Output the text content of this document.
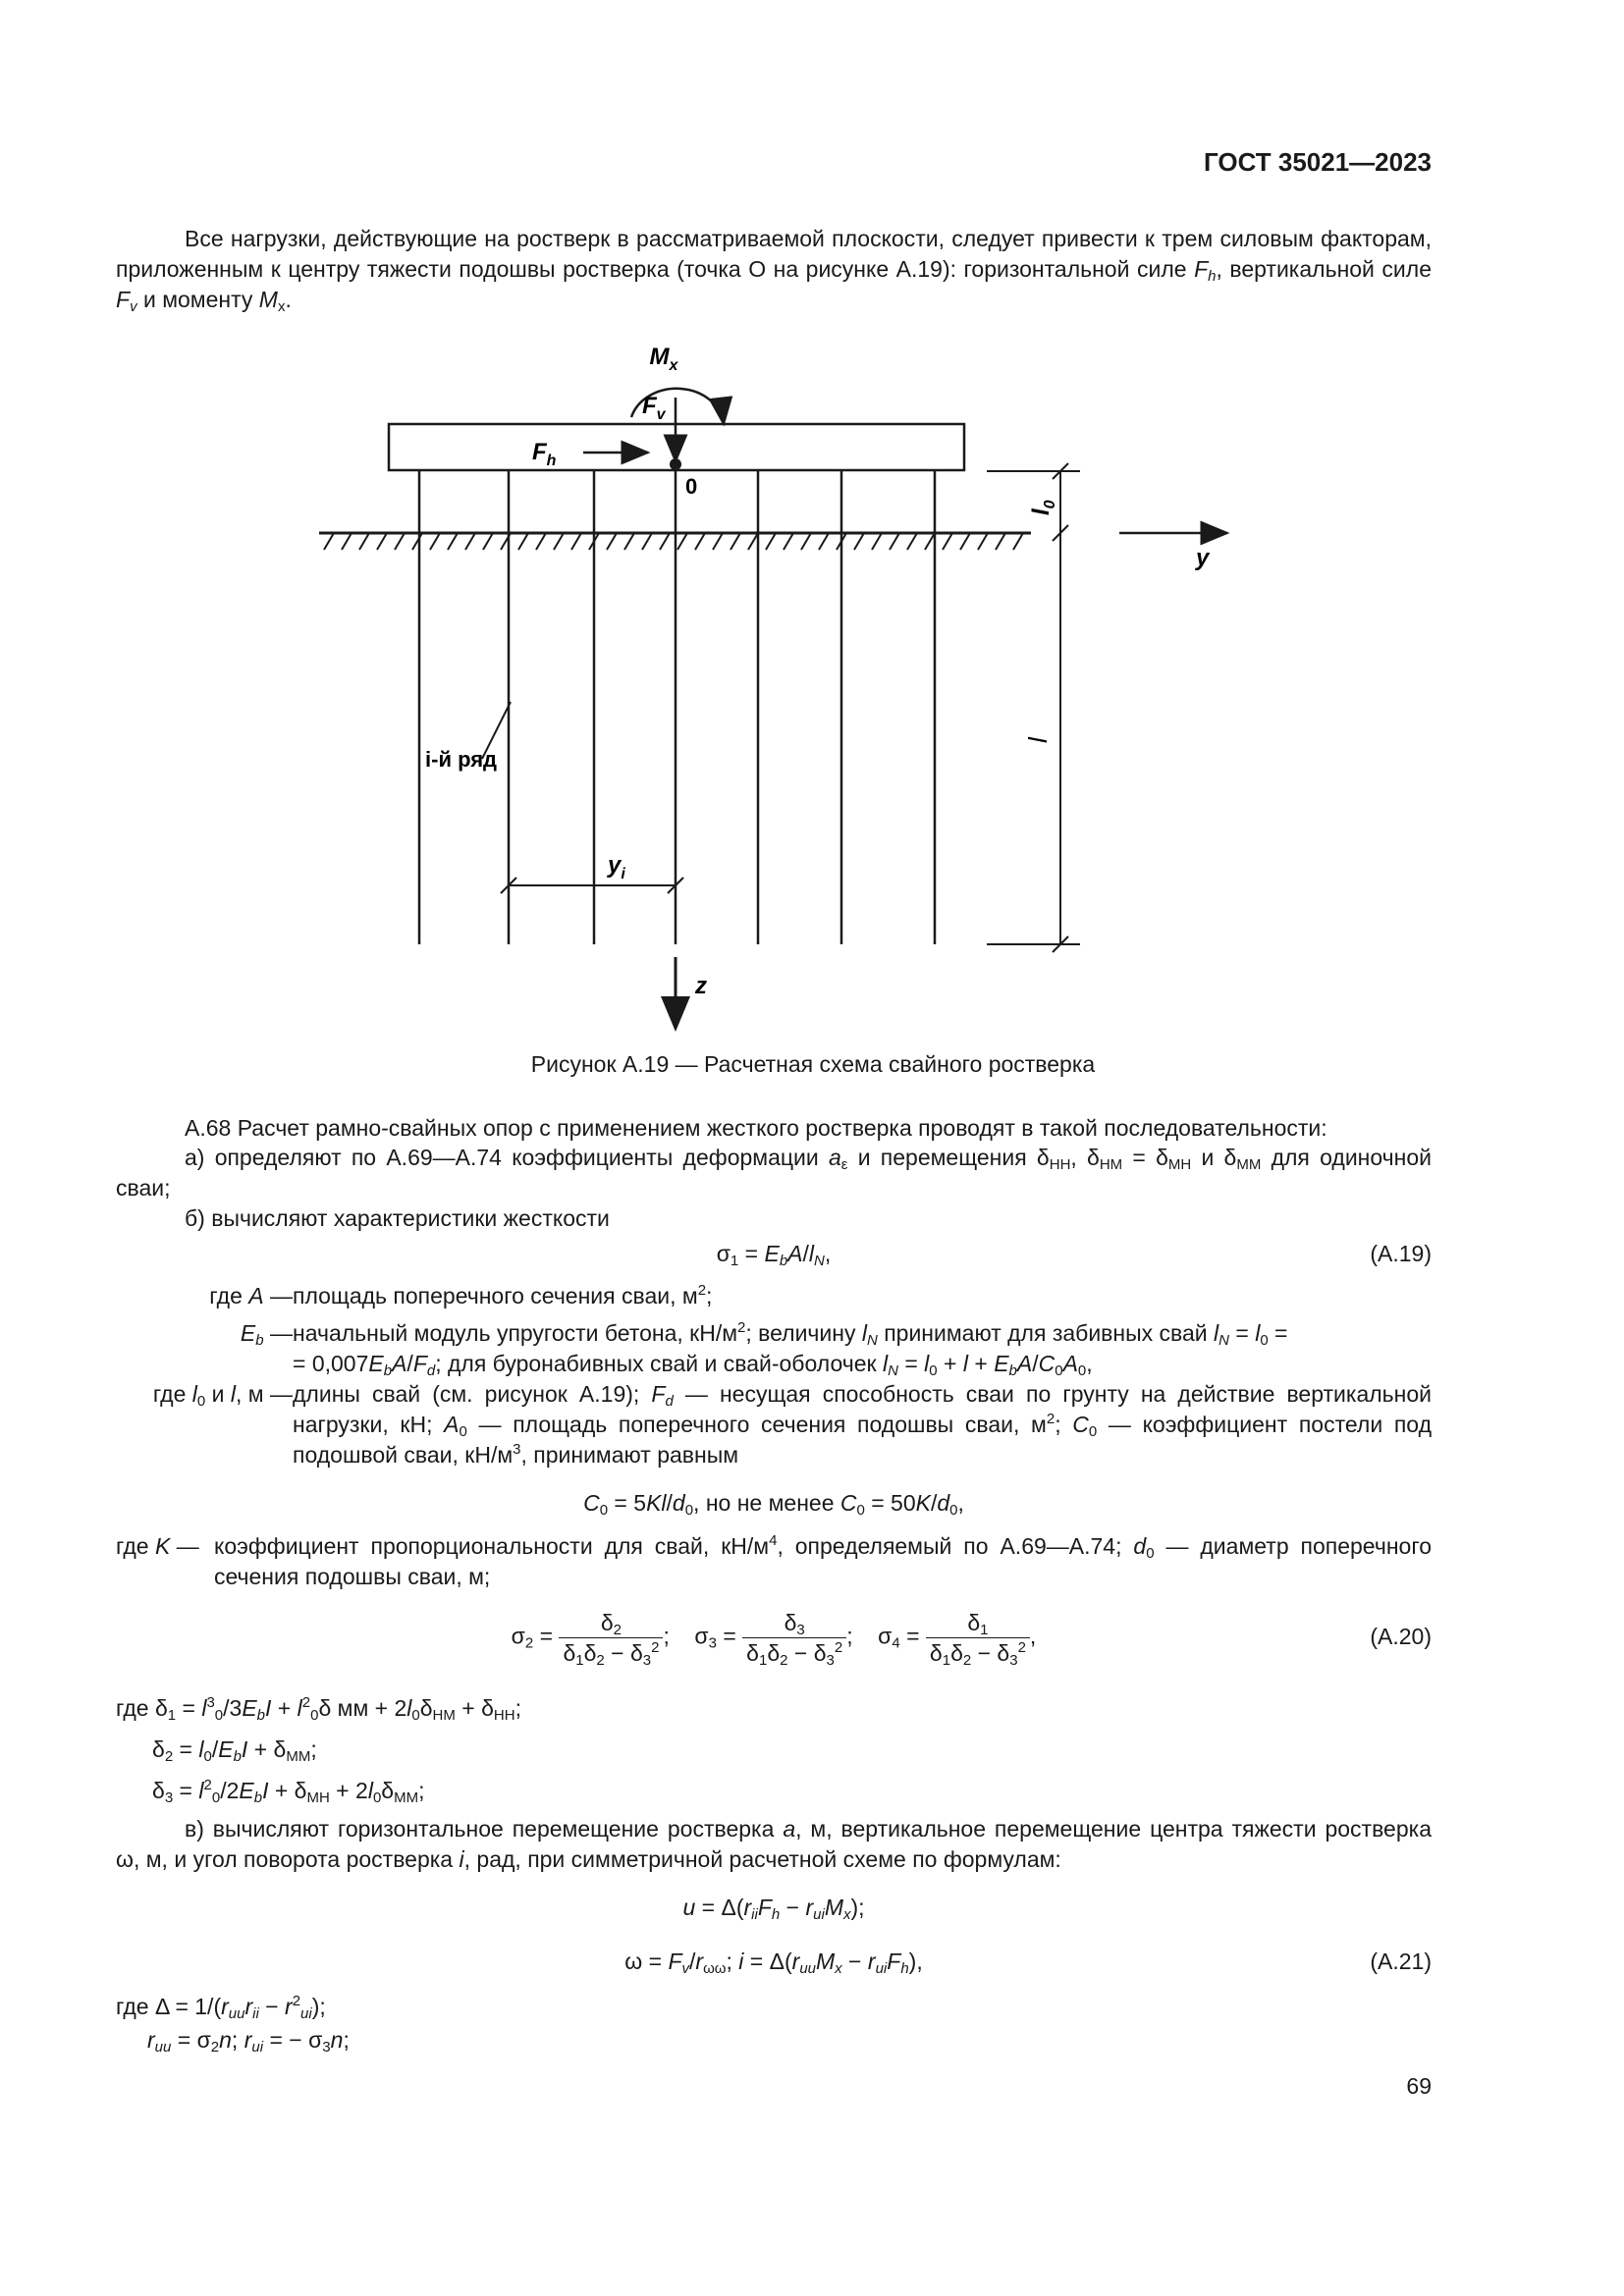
ГОСТ 35021—2023
Все нагрузки, действующие на ростверк в рассматриваемой плоскости, следует привести к трем силовым факторам, приложенным к центру тяжести подошвы ростверка (точка О на рисунке А.19): горизонтальной силе $F_h$, вертикальной силе $F_v$ и моменту $M_x$.
$M_x$
$F_v$
$F_h$
0
$l_0$
y
l
i-й ряд
$y_i$
z
Рисунок А.19 — Расчетная схема свайного ростверка
А.68 Расчет рамно-свайных опор с применением жесткого ростверка проводят в такой последовательности:
а) определяют по А.69—А.74 коэффициенты деформации $a_\varepsilon$ и перемещения $\delta_{HH}$, $\delta_{HM} = \delta_{MH}$ и $\delta_{MM}$ для одиночной сваи;
б) вычисляют характеристики жесткости
$\sigma_1 = E_bA/l_N$,	(А.19)
где A — площадь поперечного сечения сваи, $м^2$;
$E_b$ — начальный модуль упругости бетона, $кН/м^2$; величину $l_N$ принимают для забивных свай $l_N = l_0$ =
= $0,007E_bA/F_d$; для буронабивных свай и свай-оболочек $l_N = l_0 + l + E_bA/C_0A_0$,
где $l_0$ и l, м — длины свай (см. рисунок А.19); $F_d$ — несущая способность сваи по грунту на действие вертикальной нагрузки, кН; $A_0$ — площадь поперечного сечения подошвы сваи, $м^2$; $C_0$ — коэффициент постели под подошвой сваи, $кН/м^3$, принимают равным
$C_0 = 5Kl/d_0$, но не менее $C_0 = 50K/d_0$,
где K — коэффициент пропорциональности для свай, $кН/м^4$, определяемый по А.69—А.74; $d_0$ — диаметр поперечного сечения подошвы сваи, м;
$\sigma_2 = \frac{\delta_2}{\delta_1\delta_2 - \delta_3^2}$ ;    $\sigma_3 = \frac{\delta_3}{\delta_1\delta_2 - \delta_3^2}$ ;    $\sigma_4 = \frac{\delta_1}{\delta_1\delta_2 - \delta_3^2}$ ,	(А.20)
где $\delta_1 = l^3_0/3E_bI + l^2_0\delta$ мм + $2l_0\delta_{HM} + \delta_{HH}$;
$\delta_2 = l_0/E_bI + \delta_{MM}$;
$\delta_3 = l^2_0/2E_bI + \delta_{MH} + 2l_0\delta_{MM}$;
в) вычисляют горизонтальное перемещение ростверка a, м, вертикальное перемещение центра тяжести ростверка ω, м, и угол поворота ростверка i, рад, при симметричной расчетной схеме по формулам:
$u = \Delta(r_{ii}F_h - r_{ui}M_x)$;
$\omega = F_v/r_{\omega\omega}$; $i = \Delta(r_{uu}M_x - r_{ui}F_h)$,	(А.21)
где $\Delta = 1/(r_{uu}r_{ii} - r^2_{ui})$;
$r_{uu} = \sigma_2n$; $r_{ui}$ = − $\sigma_3n$;
69
